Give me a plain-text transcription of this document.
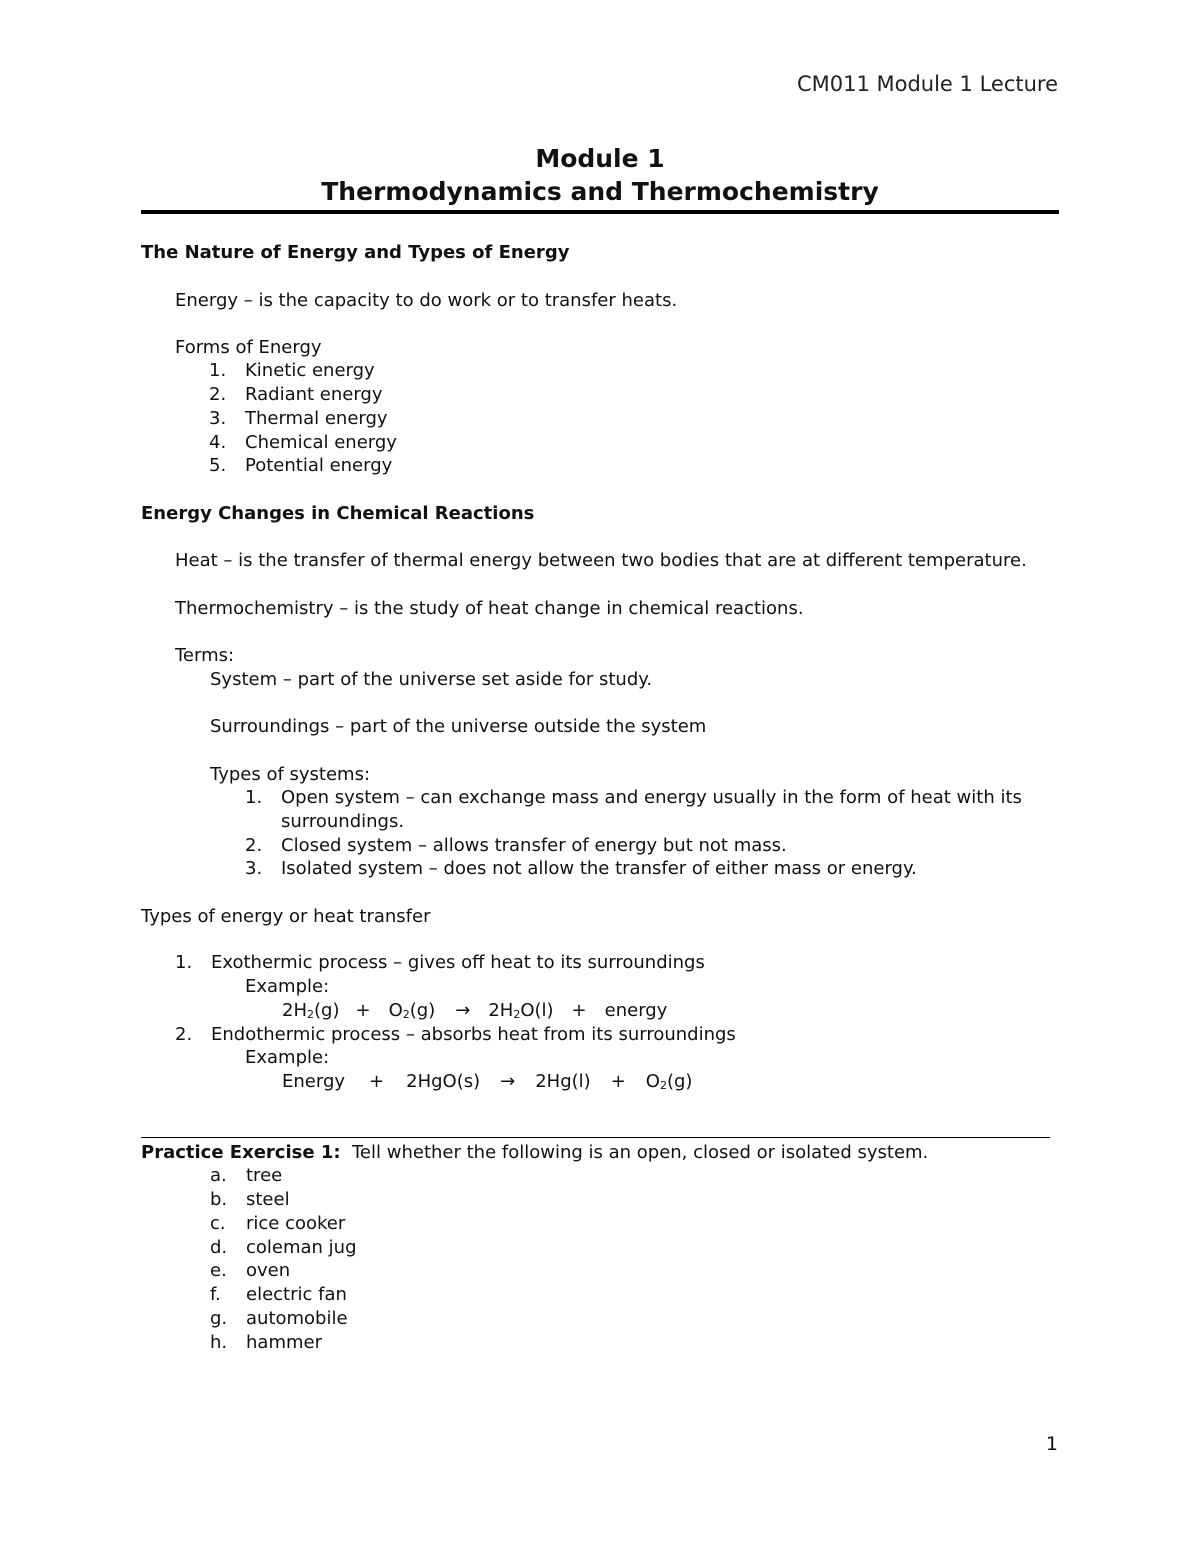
CM011 Module 1 Lecture
Module 1
Thermodynamics and Thermochemistry
The Nature of Energy and Types of Energy
Energy – is the capacity to do work or to transfer heats.
Forms of Energy
1. Kinetic energy
2. Radiant energy
3. Thermal energy
4. Chemical energy
5. Potential energy
Energy Changes in Chemical Reactions
Heat – is the transfer of thermal energy between two bodies that are at different temperature.
Thermochemistry – is the study of heat change in chemical reactions.
Terms:
System – part of the universe set aside for study.
Surroundings – part of the universe outside the system
Types of systems:
1. Open system – can exchange mass and energy usually in the form of heat with its
surroundings.
2. Closed system – allows transfer of energy but not mass.
3. Isolated system – does not allow the transfer of either mass or energy.
Types of energy or heat transfer
1. Exothermic process – gives off heat to its surroundings
Example:
$2H_2(g) + O_2(g) \to 2H_2O(l)$ + energy
2. Endothermic process – absorbs heat from its surroundings
Example:
Energy + $2HgO(s) \to 2Hg(l) + O_2(g)$
Practice Exercise 1: Tell whether the following is an open, closed or isolated system.
a. tree
b. steel
c. rice cooker
d. coleman jug
e. oven
f. electric fan
g. automobile
h. hammer
1
